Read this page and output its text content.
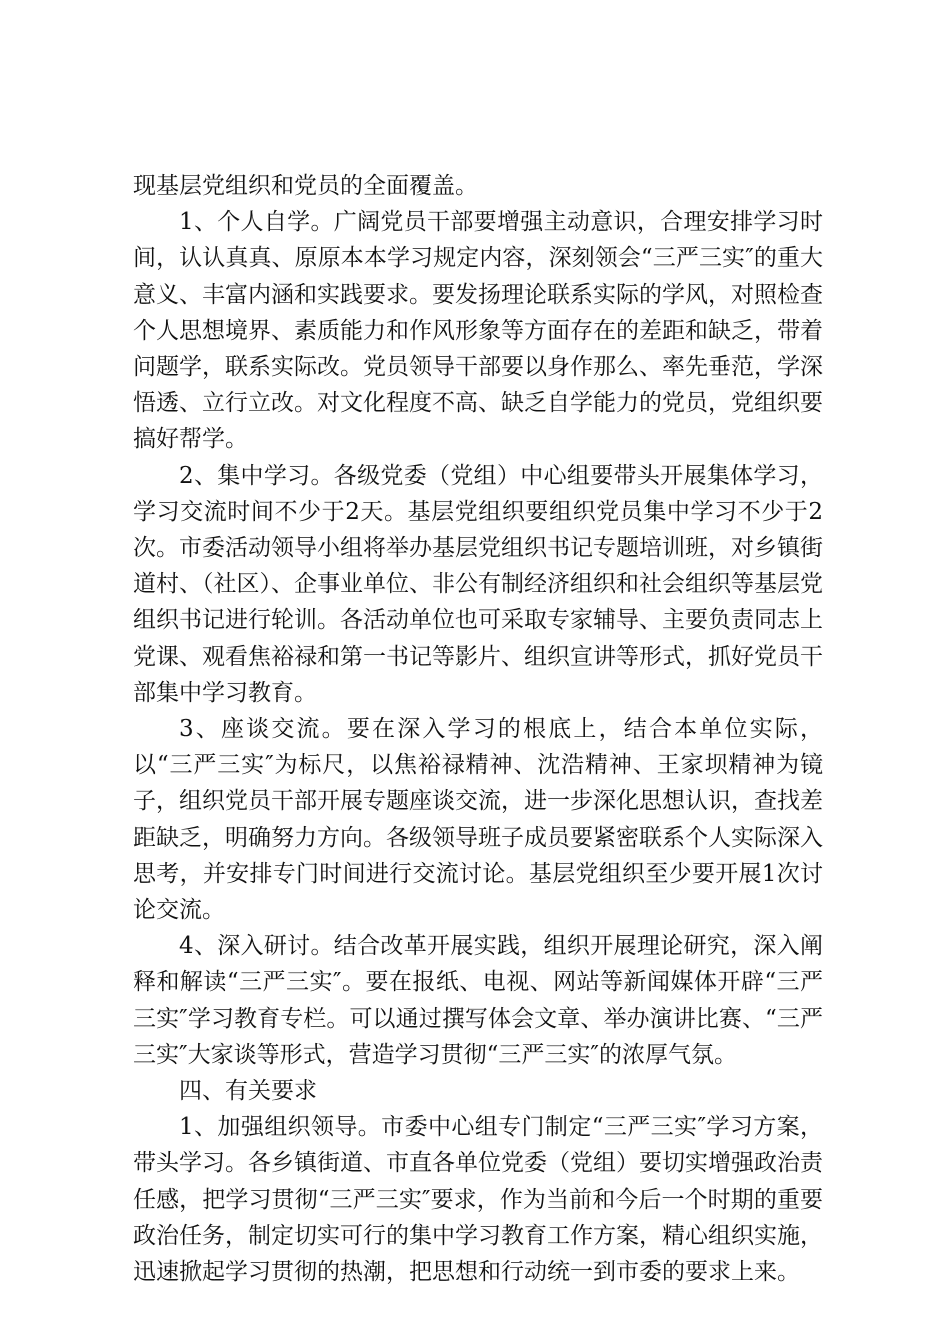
现基层党组织和党员的全面覆盖。

1、个人自学。广阔党员干部要增强主动意识，合理安排学习时间，认认真真、原原本本学习规定内容，深刻领会“三严三实″的重大意义、丰富内涵和实践要求。要发扬理论联系实际的学风，对照检查个人思想境界、素质能力和作风形象等方面存在的差距和缺乏，带着问题学，联系实际改。党员领导干部要以身作那么、率先垂范，学深悟透、立行立改。对文化程度不高、缺乏自学能力的党员，党组织要搞好帮学。

2、集中学习。各级党委（党组）中心组要带头开展集体学习，学习交流时间不少于2天。基层党组织要组织党员集中学习不少于2次。市委活动领导小组将举办基层党组织书记专题培训班，对乡镇街道村、（社区）、企事业单位、非公有制经济组织和社会组织等基层党组织书记进行轮训。各活动单位也可采取专家辅导、主要负责同志上党课、观看焦裕禄和第一书记等影片、组织宣讲等形式，抓好党员干部集中学习教育。

3、座谈交流。要在深入学习的根底上，结合本单位实际，以“三严三实″为标尺，以焦裕禄精神、沈浩精神、王家坝精神为镜子，组织党员干部开展专题座谈交流，进一步深化思想认识，查找差距缺乏，明确努力方向。各级领导班子成员要紧密联系个人实际深入思考，并安排专门时间进行交流讨论。基层党组织至少要开展1次讨论交流。

4、深入研讨。结合改革开展实践，组织开展理论研究，深入阐释和解读“三严三实″。要在报纸、电视、网站等新闻媒体开辟“三严三实″学习教育专栏。可以通过撰写体会文章、举办演讲比赛、“三严三实″大家谈等形式，营造学习贯彻“三严三实″的浓厚气氛。

四、有关要求

1、加强组织领导。市委中心组专门制定“三严三实″学习方案，带头学习。各乡镇街道、市直各单位党委（党组）要切实增强政治责任感，把学习贯彻“三严三实″要求，作为当前和今后一个时期的重要政治任务，制定切实可行的集中学习教育工作方案，精心组织实施，迅速掀起学习贯彻的热潮，把思想和行动统一到市委的要求上来。
